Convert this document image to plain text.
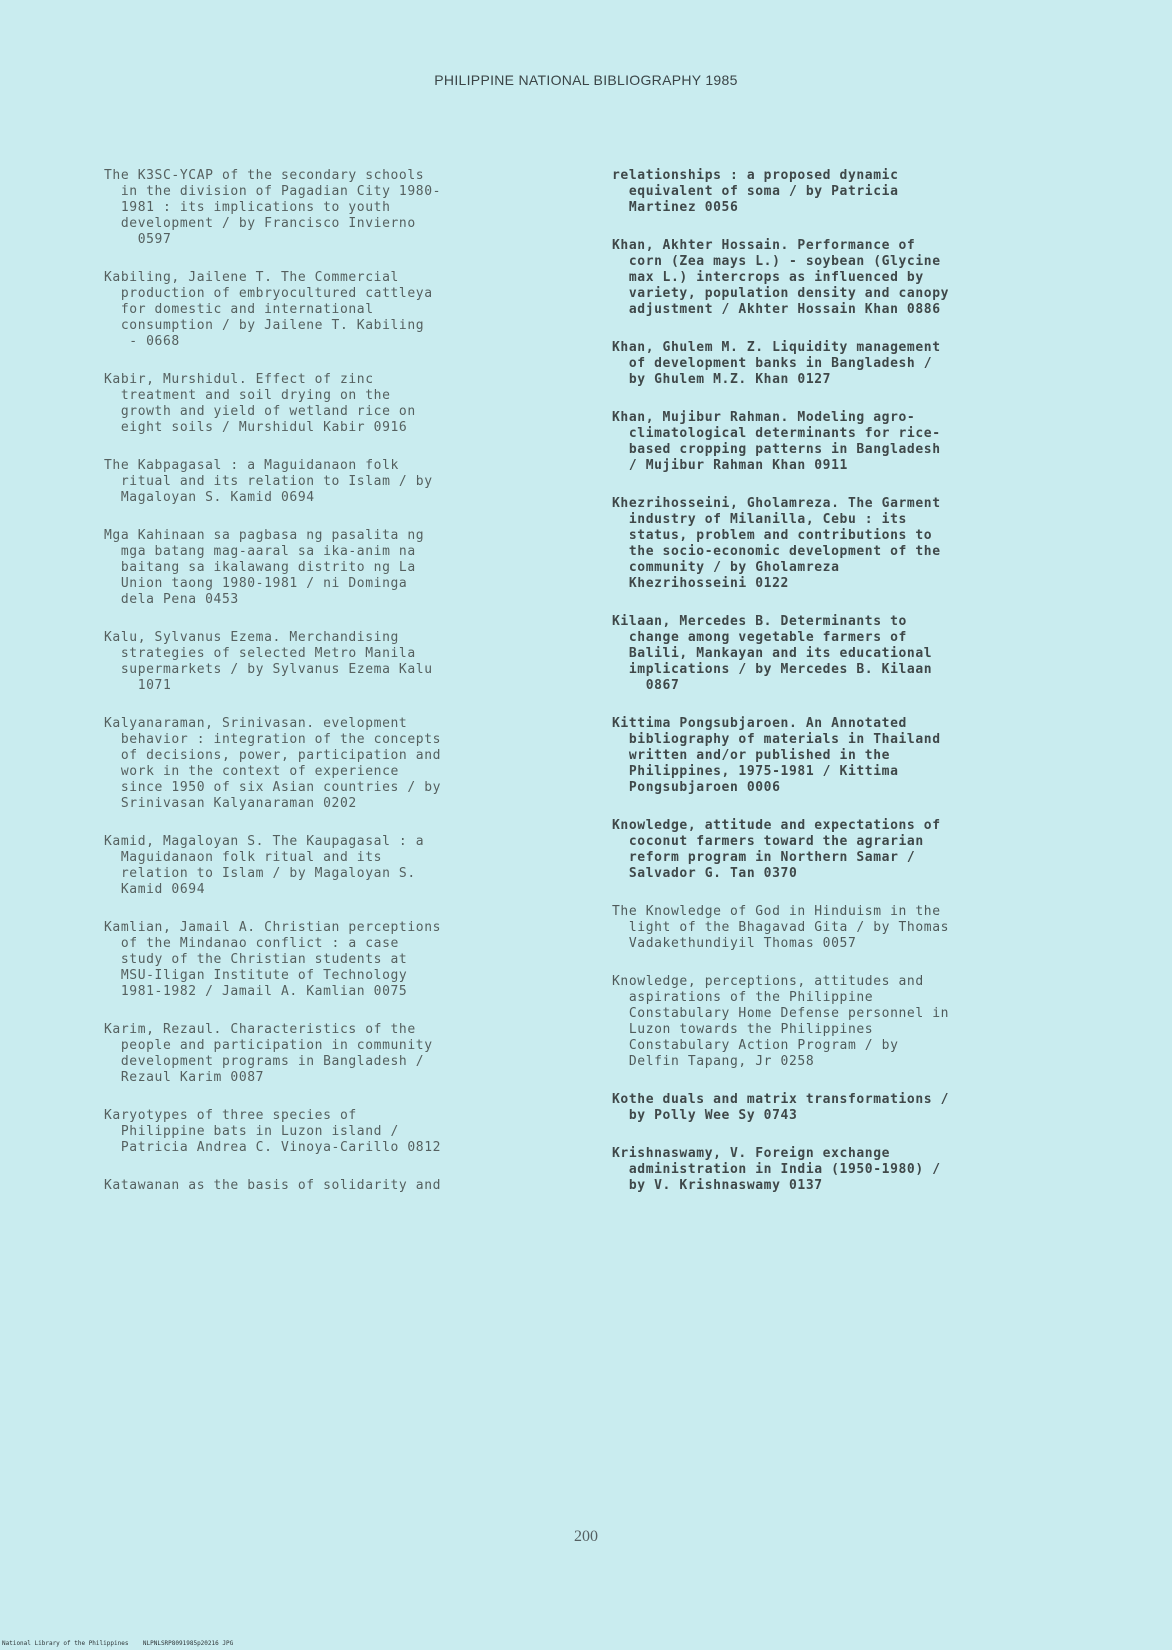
PHILIPPINE NATIONAL BIBLIOGRAPHY 1985

The K3SC-YCAP of the secondary schools
in the division of Pagadian City 1980-
1981 : its implications to youth
development / by Francisco Invierno
0597

Kabiling, Jailene T. The Commercial
production of embryocultured cattleya
for domestic and international
consumption / by Jailene T. Kabiling
- 0668

Kabir, Murshidul. Effect of zinc
treatment and soil drying on the
growth and yield of wetland rice on
eight soils / Murshidul Kabir 0916

The Kabpagasal : a Maguidanaon folk
ritual and its relation to Islam / by
Magaloyan S. Kamid 0694

Mga Kahinaan sa pagbasa ng pasalita ng
mga batang mag-aaral sa ika-anim na
baitang sa ikalawang distrito ng La
Union taong 1980-1981 / ni Dominga
dela Pena 0453

Kalu, Sylvanus Ezema. Merchandising
strategies of selected Metro Manila
supermarkets / by Sylvanus Ezema Kalu
1071

Kalyanaraman, Srinivasan. evelopment
behavior : integration of the concepts
of decisions, power, participation and
work in the context of experience
since 1950 of six Asian countries / by
Srinivasan Kalyanaraman 0202

Kamid, Magaloyan S. The Kaupagasal : a
Maguidanaon folk ritual and its
relation to Islam / by Magaloyan S.
Kamid 0694

Kamlian, Jamail A. Christian perceptions
of the Mindanao conflict : a case
study of the Christian students at
MSU-Iligan Institute of Technology
1981-1982 / Jamail A. Kamlian 0075

Karim, Rezaul. Characteristics of the
people and participation in community
development programs in Bangladesh /
Rezaul Karim 0087

Karyotypes of three species of
Philippine bats in Luzon island /
Patricia Andrea C. Vinoya-Carillo 0812

Katawanan as the basis of solidarity and

relationships : a proposed dynamic
equivalent of soma / by Patricia
Martinez 0056

Khan, Akhter Hossain. Performance of
corn (Zea mays L.) - soybean (Glycine
max L.) intercrops as influenced by
variety, population density and canopy
adjustment / Akhter Hossain Khan 0886

Khan, Ghulem M. Z. Liquidity management
of development banks in Bangladesh /
by Ghulem M.Z. Khan 0127

Khan, Mujibur Rahman. Modeling agro-
climatological determinants for rice-
based cropping patterns in Bangladesh
/ Mujibur Rahman Khan 0911

Khezrihosseini, Gholamreza. The Garment
industry of Milanilla, Cebu : its
status, problem and contributions to
the socio-economic development of the
community / by Gholamreza
Khezrihosseini 0122

Kilaan, Mercedes B. Determinants to
change among vegetable farmers of
Balili, Mankayan and its educational
implications / by Mercedes B. Kilaan
0867

Kittima Pongsubjaroen. An Annotated
bibliography of materials in Thailand
written and/or published in the
Philippines, 1975-1981 / Kittima
Pongsubjaroen 0006

Knowledge, attitude and expectations of
coconut farmers toward the agrarian
reform program in Northern Samar /
Salvador G. Tan 0370

The Knowledge of God in Hinduism in the
light of the Bhagavad Gita / by Thomas
Vadakethundiyil Thomas 0057

Knowledge, perceptions, attitudes and
aspirations of the Philippine
Constabulary Home Defense personnel in
Luzon towards the Philippines
Constabulary Action Program / by
Delfin Tapang, Jr 0258

Kothe duals and matrix transformations /
by Polly Wee Sy 0743

Krishnaswamy, V. Foreign exchange
administration in India (1950-1980) /
by V. Krishnaswamy 0137

200
National Library of the Philippines    NLPNLSRP8091985p20216 JPG
